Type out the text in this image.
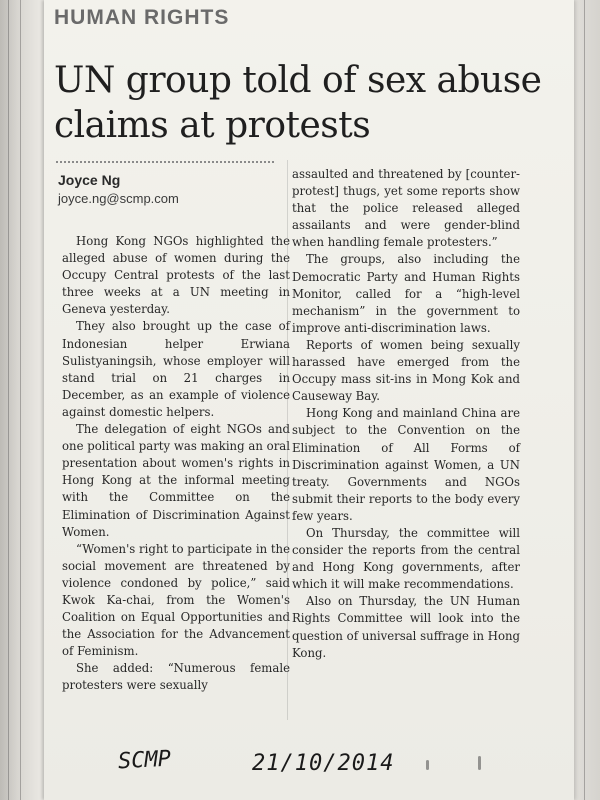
HUMAN RIGHTS
UN group told of sex abuse claims at protests
Joyce Ng
joyce.ng@scmp.com

Hong Kong NGOs highlighted the alleged abuse of women during the Occupy Central protests of the last three weeks at a UN meeting in Geneva yesterday.

They also brought up the case of Indonesian helper Erwiana Sulistyaningsih, whose employer will stand trial on 21 charges in December, as an example of violence against domestic helpers.

The delegation of eight NGOs and one political party was making an oral presentation about women's rights in Hong Kong at the informal meeting with the Committee on the Elimination of Discrimination Against Women.

“Women's right to participate in the social movement are threatened by violence condoned by police,” said Kwok Ka-chai, from the Women's Coalition on Equal Opportunities and the Association for the Advancement of Feminism.

She added: “Numerous female protesters were sexually

assaulted and threatened by [counter-protest] thugs, yet some reports show that the police released alleged assailants and were gender-blind when handling female protesters.”

The groups, also including the Democratic Party and Human Rights Monitor, called for a “high-level mechanism” in the government to improve anti-discrimination laws.

Reports of women being sexually harassed have emerged from the Occupy mass sit-ins in Mong Kok and Causeway Bay.

Hong Kong and mainland China are subject to the Convention on the Elimination of All Forms of Discrimination against Women, a UN treaty. Governments and NGOs submit their reports to the body every few years.

On Thursday, the committee will consider the reports from the central and Hong Kong governments, after which it will make recommendations.

Also on Thursday, the UN Human Rights Committee will look into the question of universal suffrage in Hong Kong.

SCMP	21/10/2014
